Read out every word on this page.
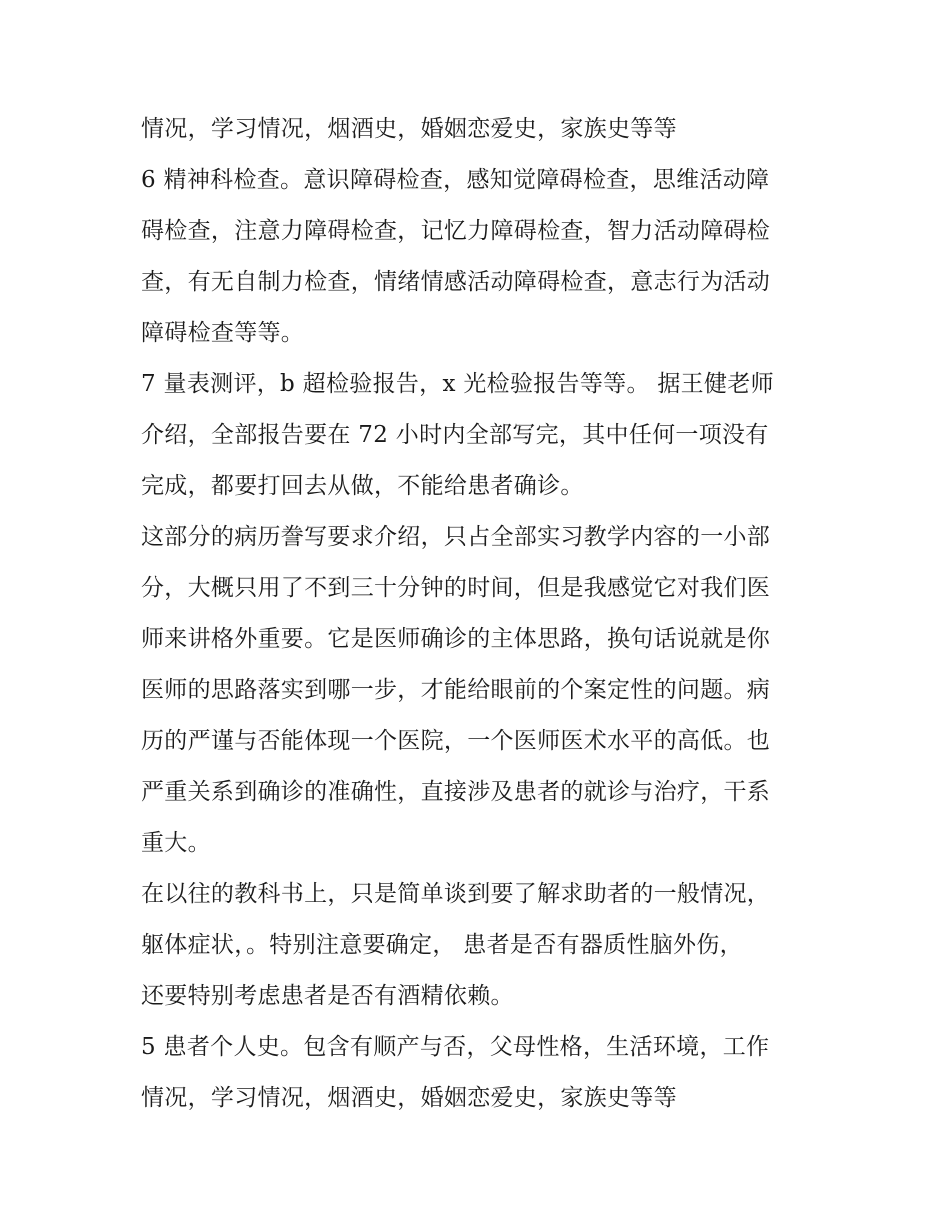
情况，学习情况，烟酒史，婚姻恋爱史，家族史等等
6 精神科检查。意识障碍检查，感知觉障碍检查，思维活动障
碍检查，注意力障碍检查，记忆力障碍检查，智力活动障碍检
查，有无自制力检查，情绪情感活动障碍检查，意志行为活动
障碍检查等等。
7 量表测评，b 超检验报告，x 光检验报告等等。 据王健老师
介绍，全部报告要在 72 小时内全部写完，其中任何一项没有
完成，都要打回去从做，不能给患者确诊。
这部分的病历誊写要求介绍，只占全部实习教学内容的一小部
分，大概只用了不到三十分钟的时间，但是我感觉它对我们医
师来讲格外重要。它是医师确诊的主体思路，换句话说就是你
医师的思路落实到哪一步，才能给眼前的个案定性的问题。病
历的严谨与否能体现一个医院，一个医师医术水平的高低。也
严重关系到确诊的准确性，直接涉及患者的就诊与治疗，干系
重大。
在以往的教科书上，只是简单谈到要了解求助者的一般情况，
躯体症状，。特别注意要确定， 患者是否有器质性脑外伤，
还要特别考虑患者是否有酒精依赖。
5 患者个人史。包含有顺产与否，父母性格，生活环境，工作
情况，学习情况，烟酒史，婚姻恋爱史，家族史等等
